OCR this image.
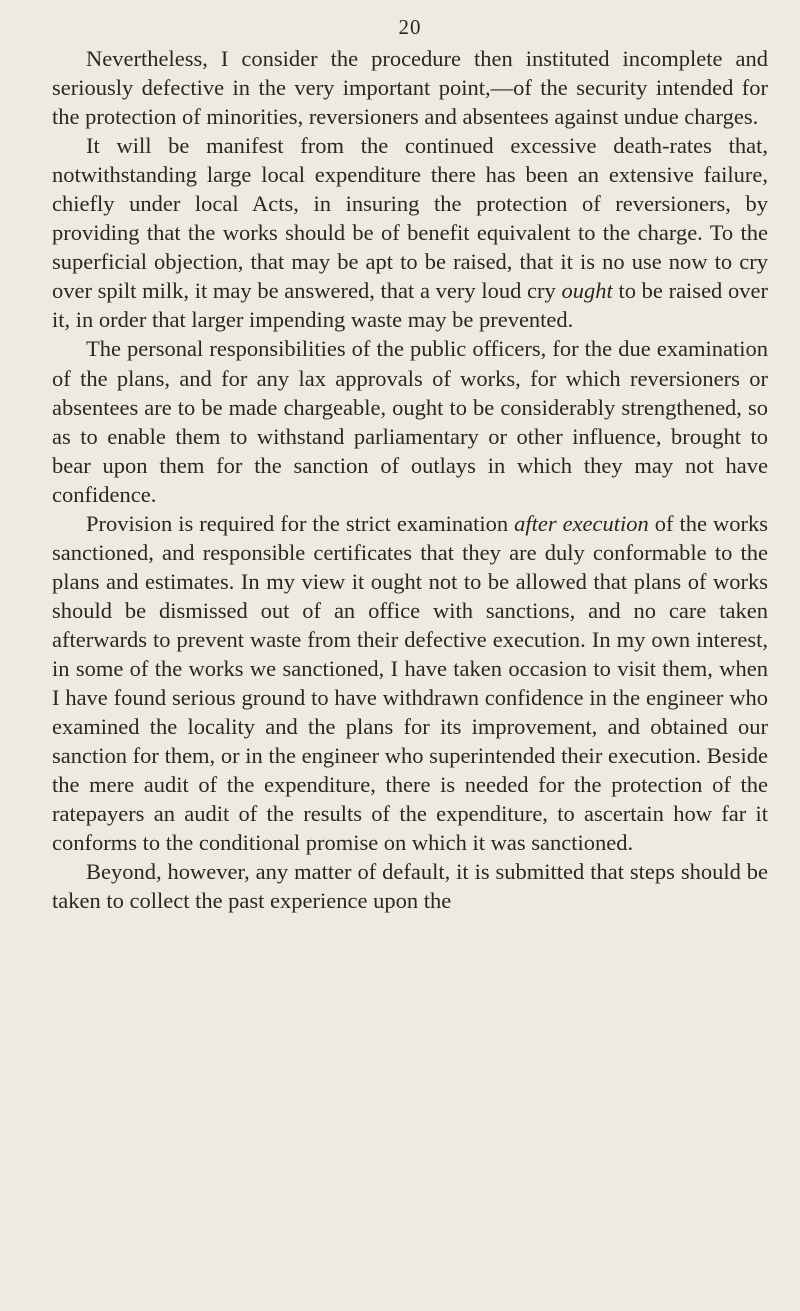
20

Nevertheless, I consider the procedure then instituted incomplete and seriously defective in the very important point,—of the security intended for the protection of minorities, reversioners and absentees against undue charges.

It will be manifest from the continued excessive death-rates that, notwithstanding large local expenditure there has been an extensive failure, chiefly under local Acts, in insuring the protection of reversioners, by providing that the works should be of benefit equivalent to the charge. To the superficial objection, that may be apt to be raised, that it is no use now to cry over spilt milk, it may be answered, that a very loud cry ought to be raised over it, in order that larger impending waste may be prevented.

The personal responsibilities of the public officers, for the due examination of the plans, and for any lax approvals of works, for which reversioners or absentees are to be made chargeable, ought to be considerably strengthened, so as to enable them to withstand parliamentary or other influence, brought to bear upon them for the sanction of outlays in which they may not have confidence.

Provision is required for the strict examination after execution of the works sanctioned, and responsible certificates that they are duly conformable to the plans and estimates. In my view it ought not to be allowed that plans of works should be dismissed out of an office with sanctions, and no care taken afterwards to prevent waste from their defective execution. In my own interest, in some of the works we sanctioned, I have taken occasion to visit them, when I have found serious ground to have withdrawn confidence in the engineer who examined the locality and the plans for its improvement, and obtained our sanction for them, or in the engineer who superintended their execution. Beside the mere audit of the expenditure, there is needed for the protection of the ratepayers an audit of the results of the expenditure, to ascertain how far it conforms to the conditional promise on which it was sanctioned.

Beyond, however, any matter of default, it is submitted that steps should be taken to collect the past experience upon the
